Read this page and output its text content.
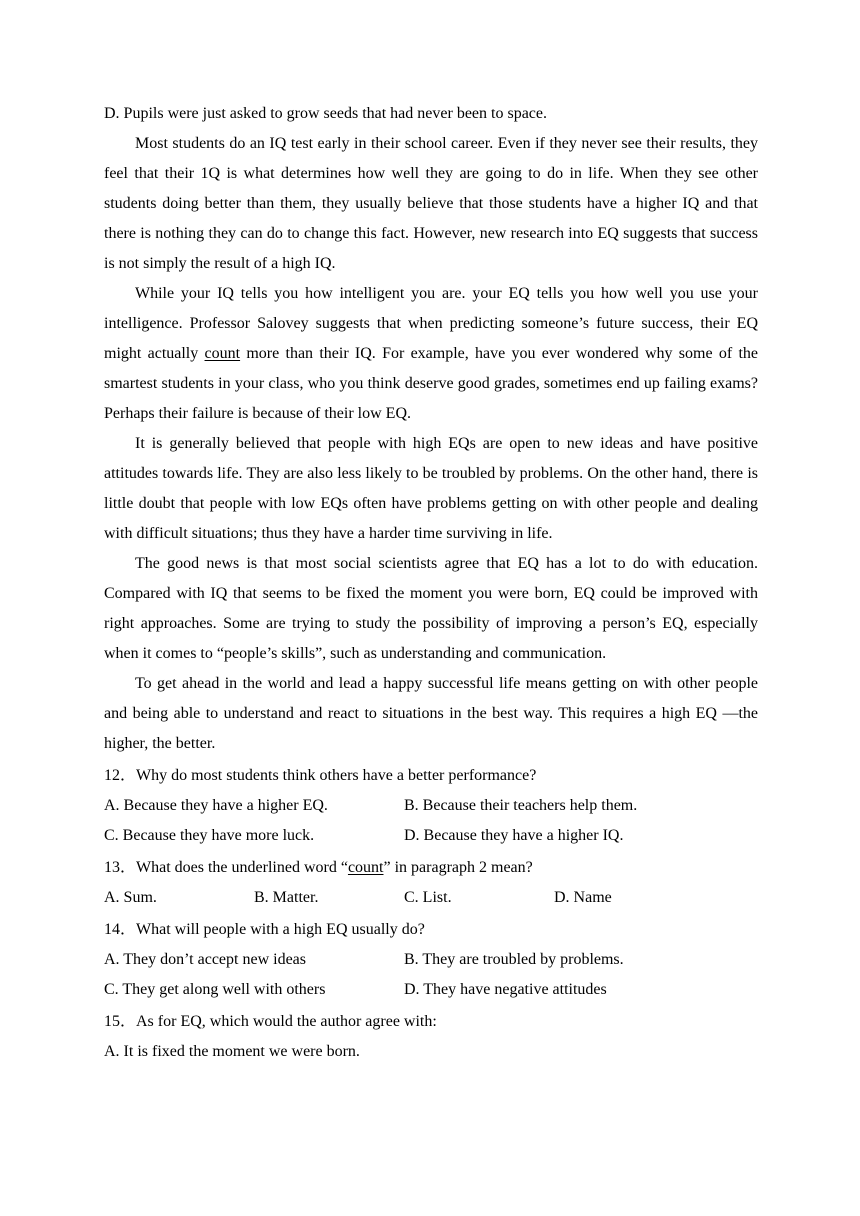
D. Pupils were just asked to grow seeds that had never been to space.

Most students do an IQ test early in their school career. Even if they never see their results, they feel that their 1Q is what determines how well they are going to do in life. When they see other students doing better than them, they usually believe that those students have a higher IQ and that there is nothing they can do to change this fact. However, new research into EQ suggests that success is not simply the result of a high IQ.

While your IQ tells you how intelligent you are. your EQ tells you how well you use your intelligence. Professor Salovey suggests that when predicting someone’s future success, their EQ might actually count more than their IQ. For example, have you ever wondered why some of the smartest students in your class, who you think deserve good grades, sometimes end up failing exams? Perhaps their failure is because of their low EQ.

It is generally believed that people with high EQs are open to new ideas and have positive attitudes towards life. They are also less likely to be troubled by problems. On the other hand, there is little doubt that people with low EQs often have problems getting on with other people and dealing with difficult situations; thus they have a harder time surviving in life.

The good news is that most social scientists agree that EQ has a lot to do with education. Compared with IQ that seems to be fixed the moment you were born, EQ could be improved with right approaches. Some are trying to study the possibility of improving a person’s EQ, especially when it comes to “people’s skills”, such as understanding and communication.

To get ahead in the world and lead a happy successful life means getting on with other people and being able to understand and react to situations in the best way. This requires a high EQ —the higher, the better.

12．Why do most students think others have a better performance?

A. Because they have a higher EQ.	B. Because their teachers help them.
C. Because they have more luck.	D. Because they have a higher IQ.

13．What does the underlined word “count” in paragraph 2 mean?

A. Sum.	B. Matter.	C. List.	D. Name

14．What will people with a high EQ usually do?

A. They don’t accept new ideas	B. They are troubled by problems.
C. They get along well with others	D. They have negative attitudes

15．As for EQ, which would the author agree with:

A. It is fixed the moment we were born.
